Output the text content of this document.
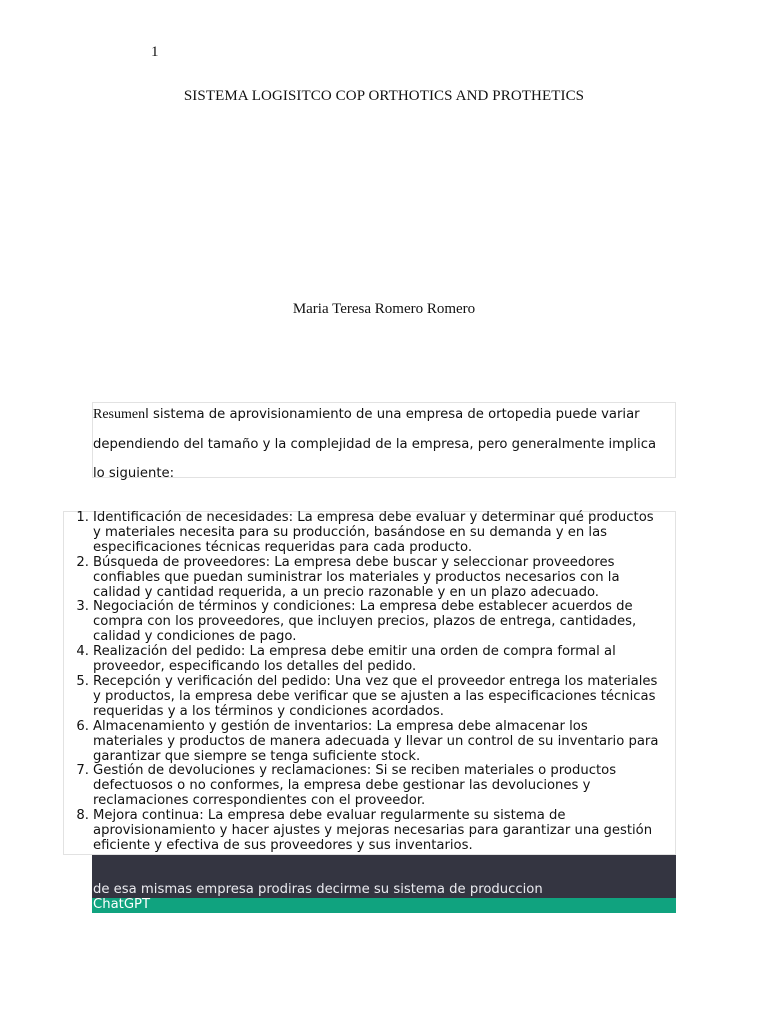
1
SISTEMA LOGISITCO COP ORTHOTICS AND PROTHETICS
Maria Teresa Romero Romero

Resumenl sistema de aprovisionamiento de una empresa de ortopedia puede variar
dependiendo del tamaño y la complejidad de la empresa, pero generalmente implica
lo siguiente:

1. Identificación de necesidades: La empresa debe evaluar y determinar qué productos
y materiales necesita para su producción, basándose en su demanda y en las
especificaciones técnicas requeridas para cada producto.
2. Búsqueda de proveedores: La empresa debe buscar y seleccionar proveedores
confiables que puedan suministrar los materiales y productos necesarios con la
calidad y cantidad requerida, a un precio razonable y en un plazo adecuado.
3. Negociación de términos y condiciones: La empresa debe establecer acuerdos de
compra con los proveedores, que incluyen precios, plazos de entrega, cantidades,
calidad y condiciones de pago.
4. Realización del pedido: La empresa debe emitir una orden de compra formal al
proveedor, especificando los detalles del pedido.
5. Recepción y verificación del pedido: Una vez que el proveedor entrega los materiales
y productos, la empresa debe verificar que se ajusten a las especificaciones técnicas
requeridas y a los términos y condiciones acordados.
6. Almacenamiento y gestión de inventarios: La empresa debe almacenar los
materiales y productos de manera adecuada y llevar un control de su inventario para
garantizar que siempre se tenga suficiente stock.
7. Gestión de devoluciones y reclamaciones: Si se reciben materiales o productos
defectuosos o no conformes, la empresa debe gestionar las devoluciones y
reclamaciones correspondientes con el proveedor.
8. Mejora continua: La empresa debe evaluar regularmente su sistema de
aprovisionamiento y hacer ajustes y mejoras necesarias para garantizar una gestión
eficiente y efectiva de sus proveedores y sus inventarios.
de esa mismas empresa prodiras decirme su sistema de produccion
ChatGPT
